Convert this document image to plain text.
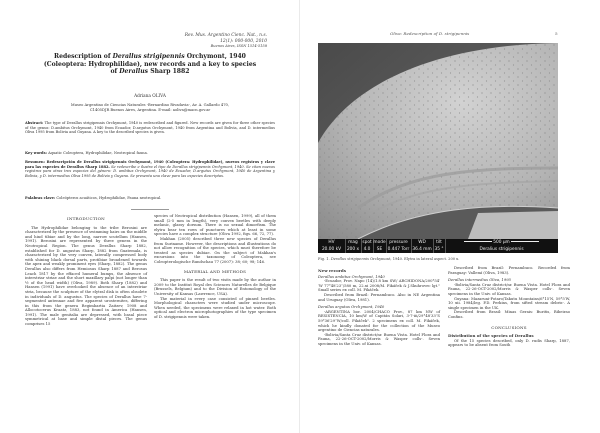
Rev. Mus. Argentino Cienc. Nat., n.s.
12(1): 000-000, 2010
Buenos Aires, ISSN 1514-5158
Redescription of Derallus strigipennis Orchymont, 1940
(Coleoptera: Hydrophilidae), new records and a key to species
of Derallus Sharp 1882
Adriana OLIVA
Museo Argentino de Ciencias Naturales -Bernardino Rivadavia-, Av. A. Gallardo 470,
C1405DJR Buenos Aires, Argentina. E-mail: aoliva@macn.gov.ar
Abstract: The type of Derallus strigipennis Orchymont, 1940 is redescribed and figured. New records are given for three other species of the genus: D.ambitus Orchymont, 1940 from Ecuador, D.argutus Orchymont, 1940 from Argentina and Bolivia, and D. intermedius Oliva 1995 from Bolivia and Guyana. A key to the described species is given.
Key words: Aquatic Coleoptera, Hydrophilidae, Neotropical fauna.
Resumen: Redescripción de Derallus strigipennis Orchymont, 1940 (Coleoptera: Hydrophilidae), nuevos registros y clave para las especies de Derallus Sharp 1882. Se redescribe e ilustra el tipo de Derallus strigipennis Orchymont, 1940. Se citan nuevos registros para otras tres especies del género: D. ambitus Orchymont, 1940 de Ecuador, D.argutus Orchymont, 1940 de Argentina y Bolivia, y D. intermedius Oliva 1995 de Bolivia y Guyana. Se presenta una clave para las especies descriptas.
Palabras clave: Coleópteros acuáticos, Hydrophilidae, Fauna neotropical.
INTRODUCTION

The Hydrophilidae belonging to the tribe Berosini are characterized by the presence of swimming hairs on the middle and hind tibiae and by the long, narrow scutellum (Hansen, 1991). Berosini are represented by three genera in the Neotropical Region. The genus Derallus Sharp 1882, established for D. angustus Sharp, 1882 from Guatemala, is characterized by the very convex, laterally compressed body with shining black dorsal parts, protibiae broadened towards the apex and weakly prominent eyes (Sharp, 1882). The genus Derallus also differs from Hemiosus Sharp 1887 and Berosus Leach 1817 by the effaced humeral bumps, the absence of interstriar striae and the short maxillary palpi (not longer than ½ of the head width) (Oliva, 1989). Both Sharp (1882) and Hansen (1991) have overlooked the absence of an interstriar stria, because the sculpture of the elytral disk is often obsolete in individuals of D. angustus. The species of Derallus have 7-segmented antennae and five apparent urosternites, differing in this from the genera Regimbartia Zaitzev, 1908 and Allocotocerus Kraatz, 1883, not found in America (Hansen, 1991). The male genitalia are depressed, with basal piece symmetrical at base and simple distal pieces. The genus comprises 15

species of Neotropical distribution (Hansen, 1999), all of them small (2-5 mm in length), very convex beetles with deeply melanic, glassy dorsum. There is no sexual dimorfism. The elytra bear ten rows of punctures which at least in some species have a complex structure (Oliva 1992, figs. 66, 72, 77).

Makhan (2005) described three new species of Derallus from Suriname. However, the descriptions and illustrations do not allow recognition of the species, which must therefore be treated as species dubiae. On the subject of Makhan's excursions into the taxonomy of Coleoptera, see Coleopterologische Rundschau 77 (2007): 38; 60; 98; 146.

MATERIAL AND METHODS

This paper is the result of two visits made by the author in 2009 to the Institut Royal des Sciences Naturelles de Belgique (Brussels, Belgium) and to the Division of Entomology of the University of Kansas (Lawrence, USA).

The material in every case consisted of pinned beetles. Morphological characters were studied under microscope. When needed, the specimens were relaxed in hot water. Both optical and electron microphotographies of the type specimen of D. strigipennis were taken.

Oliva: Redescription of D. strigipennis	5
HV
20.00 kV
mag
200 x
spot
4.0
mode
SE
pressure
0.447 Torr
WD
36.4 mm
tilt
35 °
500 µm
Deralius strigipennis
Fig. 1. Derallus strigipennis Orchymont, 1940. Elytra in lateral aspect. 200 x.
New records

Derallus ambitus Orchymont, 1940

-Ecuador, Prov. Napo (14)/1.8 km SW/ ARCHIDONA/200°54′ ′W 77°48′23′′/580 m, 22.xi 2008/M. Fikáček & J.Skuhrovec lgt." Small series ex coll. M. Fikáček.

Described from Brazil: Pernambuco. Also in NE Argentina and Uruguay (Oliva, 1981).

Derallus argutus Orchymont, 1940

-ARGENTINA bor. 2004/CHACO Prov., 87 km NW of RESISTENCIA, 10 km/W of Capitán Solari, 3-7-iii/29°48′33′′S 59°36′29′′W/coll. Fikáček". 2 specimens ex coll. M. Fikáček, which he kindly donated for the collection of the Museo argentino de Ciencias naturales.

-Bolivia/Santa Cruz district/nr. Buena Vista. Hotel Flora and Fauna, 22-26-OCT-2002/Morris & Wasper colls-. Seven specimens in the Univ. of Kansas.

Described from Brazil: Pernambuco. Recorded from Paraguay: Vallemí (Oliva, 1983).

Derallus intermedius Oliva, 1995

-Bolivia/Santa Cruz district/nr. Buena Vista. Hotel Flora and Fauna, 22-26-OCT-2002/Morris & Wasper colls-. Seven specimens in the Univ. of Kansas.

Guyana: Mazaruni-Potaro/Takutu Mountains/6°15′N, 59°5′W, 10 xii. 1984/leg. P.D. Perkins, from sifted stream debris-. A single specimen in the UK.

Described from Brasil: Minas Gerais: Buritis, Ribeirao Confins.

CONCLUSIONS
Distribution of the species of Derallus

Of the 15 species described, only D. rudis Sharp, 1887, appears to be absent from South
